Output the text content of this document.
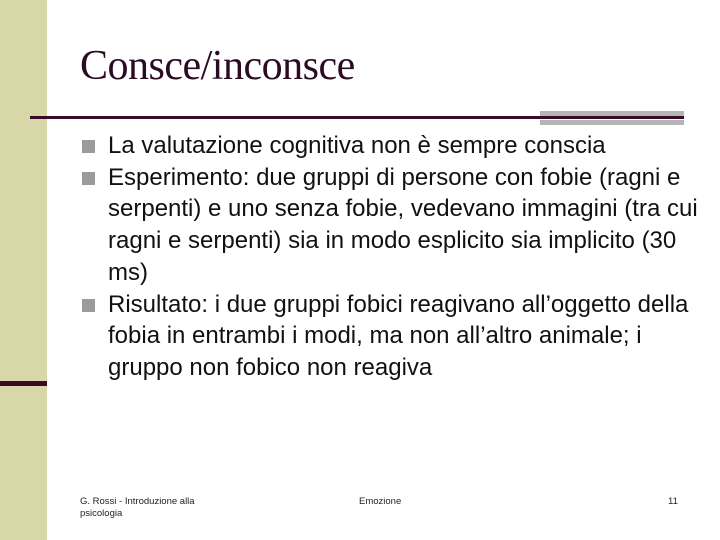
Consce/inconsce
La valutazione cognitiva non è sempre conscia
Esperimento: due gruppi di persone con fobie (ragni e serpenti) e uno senza fobie, vedevano immagini (tra cui ragni e serpenti) sia in modo esplicito sia implicito (30 ms)
Risultato: i due gruppi fobici reagivano all’oggetto della fobia in entrambi i modi, ma non all’altro animale; i gruppo non fobico non reagiva
G. Rossi - Introduzione alla psicologia
Emozione	11
